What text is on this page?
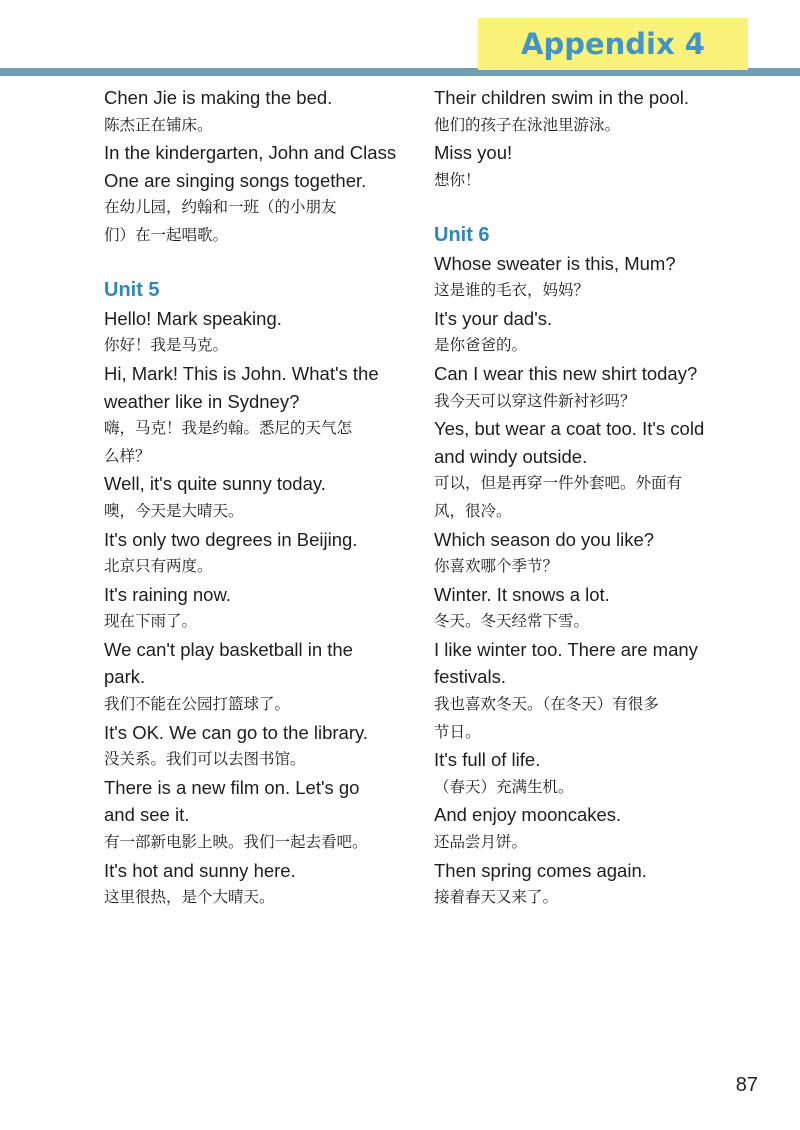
Appendix 4
Chen Jie is making the bed.
陈杰正在铺床。
In the kindergarten, John and Class
One are singing songs together.
在幼儿园，约翰和一班（的小朋友
们）在一起唱歌。
Unit 5
Hello! Mark speaking.
你好！我是马克。
Hi, Mark! This is John. What's the
weather like in Sydney?
嗨，马克！我是约翰。悉尼的天气怎
么样？
Well, it's quite sunny today.
噢，今天是大晴天。
It's only two degrees in Beijing.
北京只有两度。
It's raining now.
现在下雨了。
We can't play basketball in the
park.
我们不能在公园打篮球了。
It's OK. We can go to the library.
没关系。我们可以去图书馆。
There is a new film on. Let's go
and see it.
有一部新电影上映。我们一起去看吧。
It's hot and sunny here.
这里很热，是个大晴天。
Their children swim in the pool.
他们的孩子在泳池里游泳。
Miss you!
想你！
Unit 6
Whose sweater is this, Mum?
这是谁的毛衣，妈妈？
It's your dad's.
是你爸爸的。
Can I wear this new shirt today?
我今天可以穿这件新衬衫吗？
Yes, but wear a coat too. It's cold
and windy outside.
可以，但是再穿一件外套吧。外面有
风，很冷。
Which season do you like?
你喜欢哪个季节？
Winter. It snows a lot.
冬天。冬天经常下雪。
I like winter too. There are many
festivals.
我也喜欢冬天。（在冬天）有很多
节日。
It's full of life.
（春天）充满生机。
And enjoy mooncakes.
还品尝月饼。
Then spring comes again.
接着春天又来了。
87
